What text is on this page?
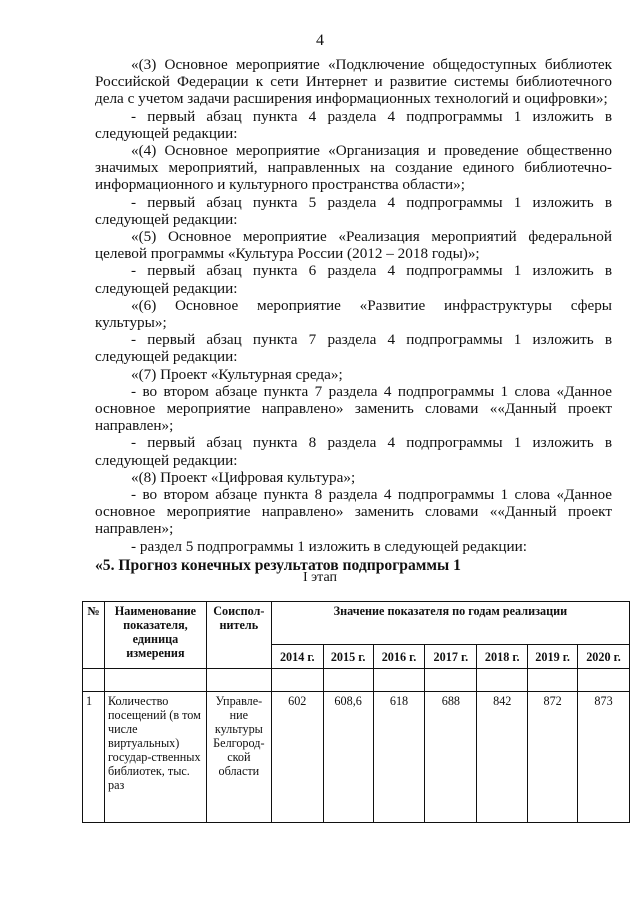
4

«(3) Основное мероприятие «Подключение общедоступных библиотек Российской Федерации к сети Интернет и развитие системы библиотечного дела с учетом задачи расширения информационных технологий и оцифровки»;

- первый абзац пункта 4 раздела 4 подпрограммы 1 изложить в следующей редакции:

«(4) Основное мероприятие «Организация и проведение общественно значимых мероприятий, направленных на создание единого библиотечно-информационного и культурного пространства области»;

- первый абзац пункта 5 раздела 4 подпрограммы 1 изложить в следующей редакции:

«(5) Основное мероприятие «Реализация мероприятий федеральной целевой программы «Культура России (2012 – 2018 годы)»;

- первый абзац пункта 6 раздела 4 подпрограммы 1 изложить в следующей редакции:

«(6) Основное мероприятие «Развитие инфраструктуры сферы культуры»;

- первый абзац пункта 7 раздела 4 подпрограммы 1 изложить в следующей редакции:

«(7) Проект «Культурная среда»;

- во втором абзаце пункта 7 раздела 4 подпрограммы 1 слова «Данное основное мероприятие направлено» заменить словами ««Данный проект направлен»;

- первый абзац пункта 8 раздела 4 подпрограммы 1 изложить в следующей редакции:

«(8) Проект «Цифровая культура»;

- во втором абзаце пункта 8 раздела 4 подпрограммы 1 слова «Данное основное мероприятие направлено» заменить словами ««Данный проект направлен»;

- раздел 5 подпрограммы 1 изложить в следующей редакции:

«5. Прогноз конечных результатов подпрограммы 1

I этап
№	Наименование показателя, единица измерения	Соиспол-нитель	Значение показателя по годам реализации						
			2014 г.	2015 г.	2016 г.	2017 г.	2018 г.	2019 г.	2020 г.

1	Количество посещений (в том числе виртуальных) государ-ственных библиотек, тыс. раз	Управле-ние культуры Белгород-ской области	602	608,6	618	688	842	872	873
